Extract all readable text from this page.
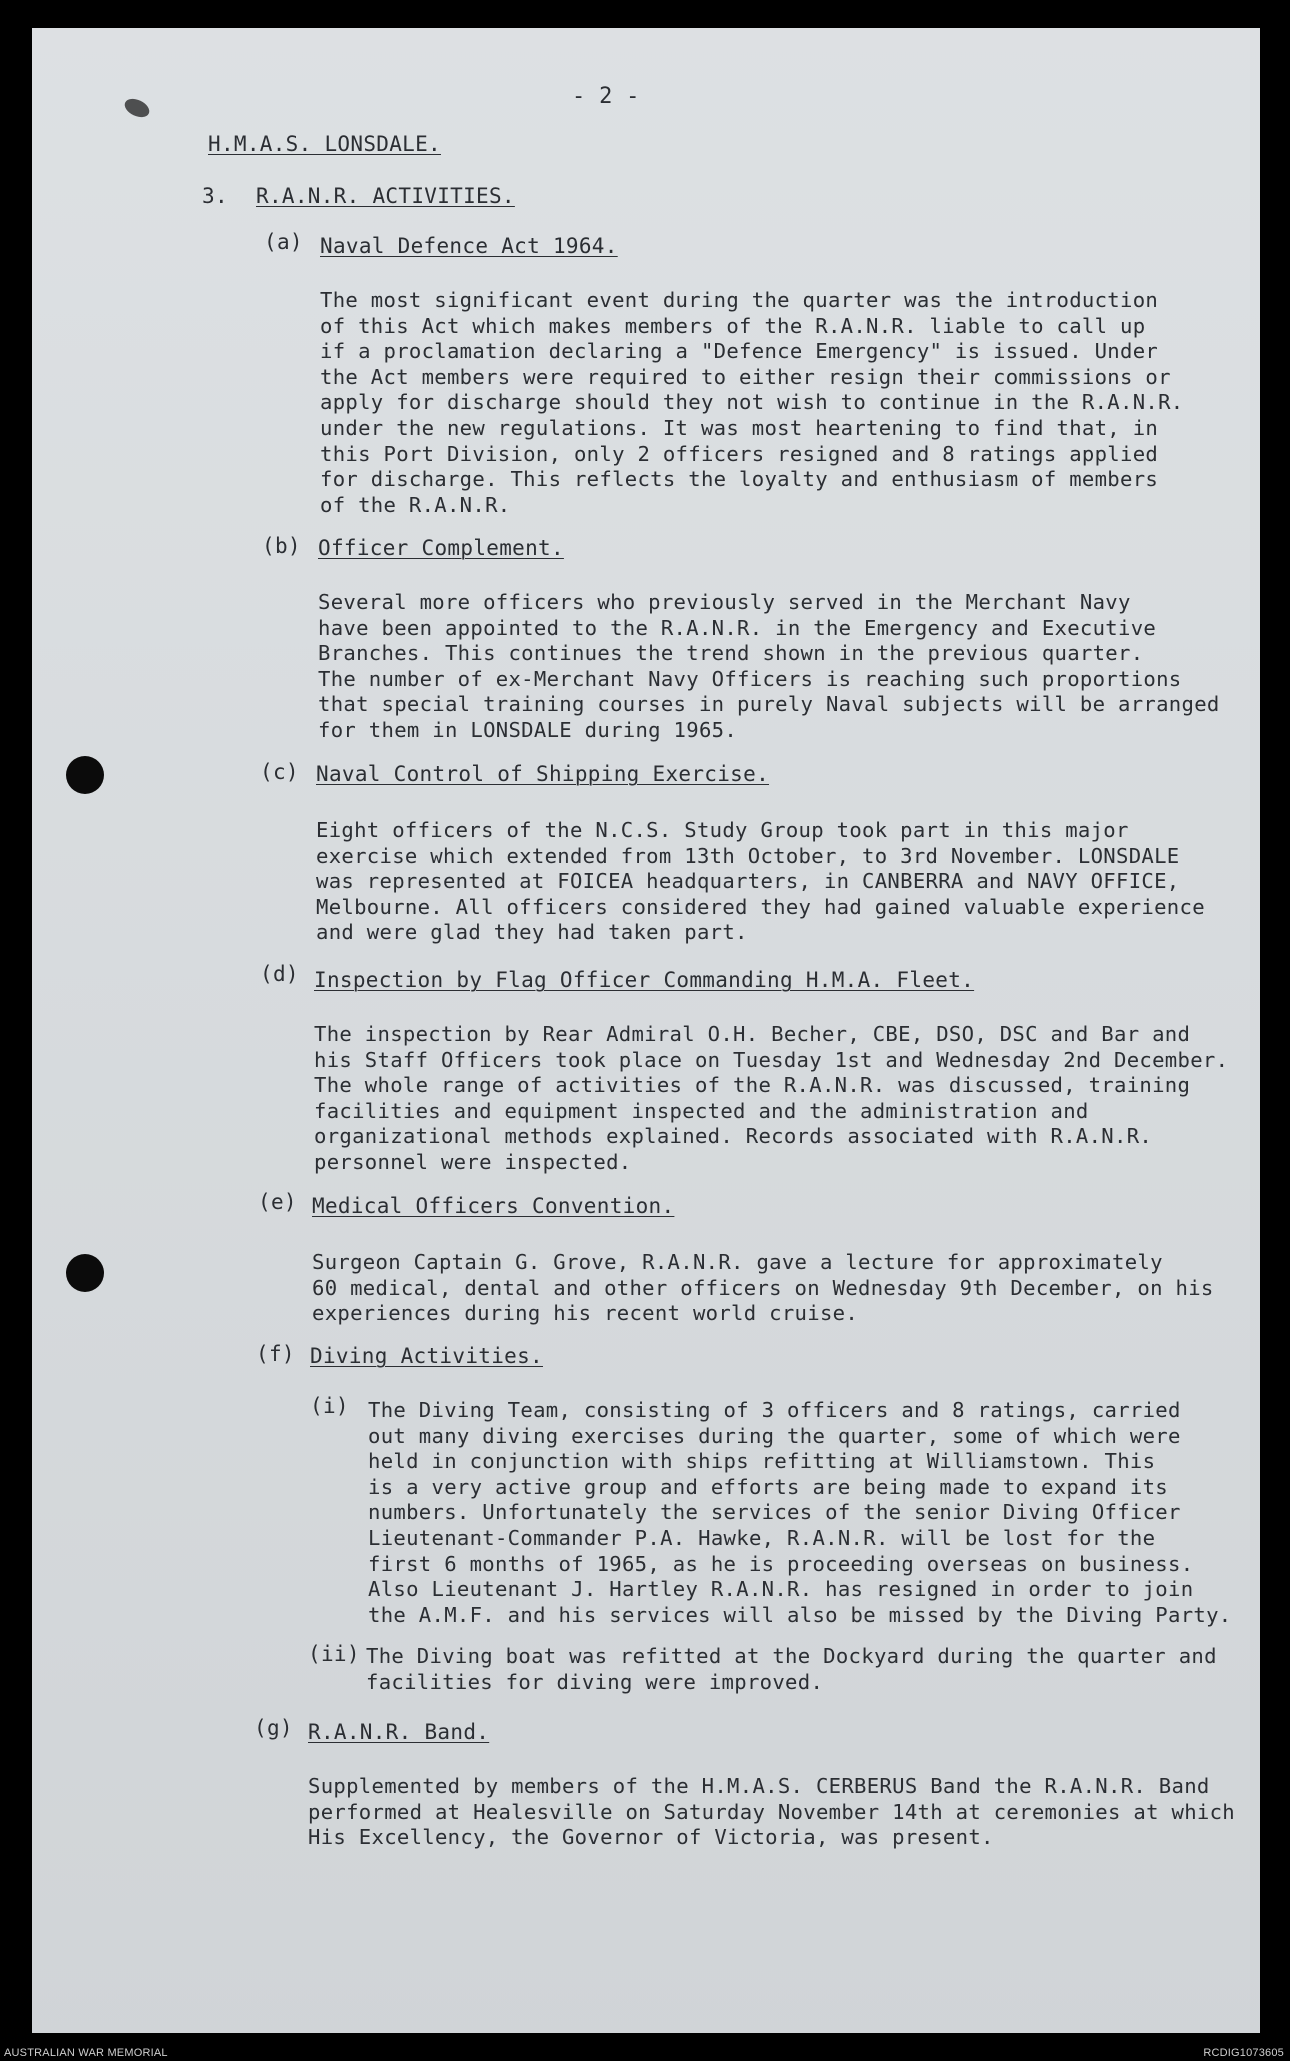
- 2 -
H.M.A.S. LONSDALE.
3. R.A.N.R. ACTIVITIES.
(a) Naval Defence Act 1964.
The most significant event during the quarter was the introduction
of this Act which makes members of the R.A.N.R. liable to call up
if a proclamation declaring a "Defence Emergency" is issued. Under
the Act members were required to either resign their commissions or
apply for discharge should they not wish to continue in the R.A.N.R.
under the new regulations. It was most heartening to find that, in
this Port Division, only 2 officers resigned and 8 ratings applied
for discharge. This reflects the loyalty and enthusiasm of members
of the R.A.N.R.
(b) Officer Complement.
Several more officers who previously served in the Merchant Navy
have been appointed to the R.A.N.R. in the Emergency and Executive
Branches. This continues the trend shown in the previous quarter.
The number of ex-Merchant Navy Officers is reaching such proportions
that special training courses in purely Naval subjects will be arranged
for them in LONSDALE during 1965.
(c) Naval Control of Shipping Exercise.
Eight officers of the N.C.S. Study Group took part in this major
exercise which extended from 13th October, to 3rd November. LONSDALE
was represented at FOICEA headquarters, in CANBERRA and NAVY OFFICE,
Melbourne. All officers considered they had gained valuable experience
and were glad they had taken part.
(d) Inspection by Flag Officer Commanding H.M.A. Fleet.
The inspection by Rear Admiral O.H. Becher, CBE, DSO, DSC and Bar and
his Staff Officers took place on Tuesday 1st and Wednesday 2nd December.
The whole range of activities of the R.A.N.R. was discussed, training
facilities and equipment inspected and the administration and
organizational methods explained. Records associated with R.A.N.R.
personnel were inspected.
(e) Medical Officers Convention.
Surgeon Captain G. Grove, R.A.N.R. gave a lecture for approximately
60 medical, dental and other officers on Wednesday 9th December, on his
experiences during his recent world cruise.
(f) Diving Activities.
(i) The Diving Team, consisting of 3 officers and 8 ratings, carried
out many diving exercises during the quarter, some of which were
held in conjunction with ships refitting at Williamstown. This
is a very active group and efforts are being made to expand its
numbers. Unfortunately the services of the senior Diving Officer
Lieutenant-Commander P.A. Hawke, R.A.N.R. will be lost for the
first 6 months of 1965, as he is proceeding overseas on business.
Also Lieutenant J. Hartley R.A.N.R. has resigned in order to join
the A.M.F. and his services will also be missed by the Diving Party.
(ii) The Diving boat was refitted at the Dockyard during the quarter and
facilities for diving were improved.
(g) R.A.N.R. Band.
Supplemented by members of the H.M.A.S. CERBERUS Band the R.A.N.R. Band
performed at Healesville on Saturday November 14th at ceremonies at which
His Excellency, the Governor of Victoria, was present.
AUSTRALIAN WAR MEMORIAL	RCDIG1073605
